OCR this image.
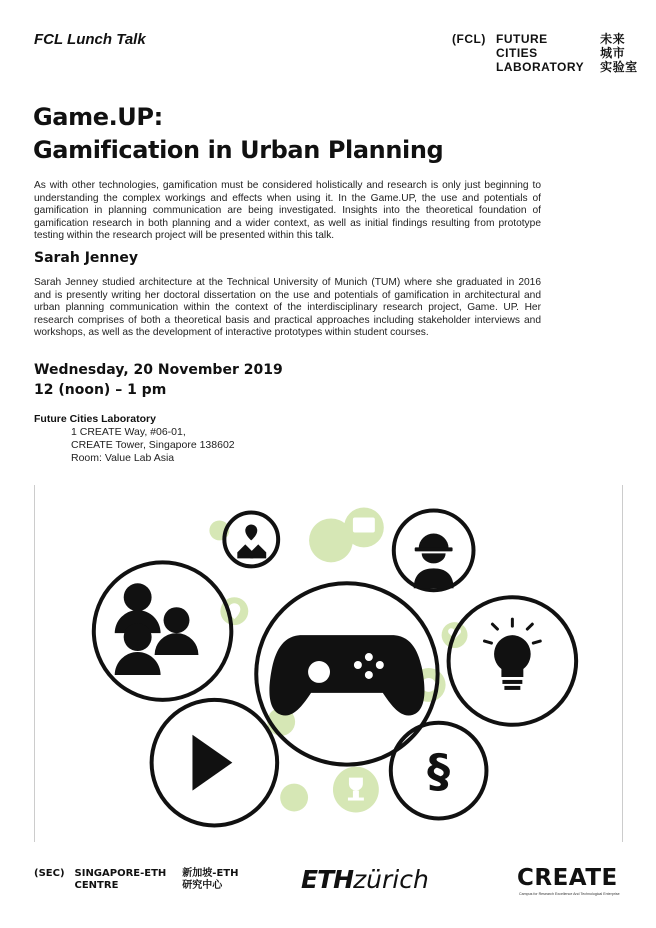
FCL Lunch Talk	(FCL) FUTURE
CITIES
LABORATORY
未来
城市
实验室
Game.UP:
Gamification in Urban Planning

As with other technologies, gamification must be considered holistically and research is only just beginning to understanding the complex workings and effects when using it. In the Game.UP, the use and potentials of gamification in planning communication are being investigated. Insights into the theoretical foundation of gamification research in both planning and a wider context, as well as initial findings resulting from prototype testing within the research project will be presented within this talk.

Sarah Jenney

Sarah Jenney studied architecture at the Technical University of Munich (TUM) where she graduated in 2016 and is presently writing her doctoral dissertation on the use and potentials of gamification in architectural and urban planning communication within the context of the interdisciplinary research project, Game. UP. Her research comprises of both a theoretical basis and practical approaches including stakeholder interviews and workshops, as well as the development of interactive prototypes within student courses.

Wednesday, 20 November 2019
12 (noon) – 1 pm
Future Cities Laboratory
1 CREATE Way, #06-01,
CREATE Tower, Singapore 138602
Room: Value Lab Asia
§
(SEC) SINGAPORE-ETH
CENTRE
新加坡-ETH
研究中心	ETHzürich	CREATE
Campus for Research Excellence And Technological Enterprise
